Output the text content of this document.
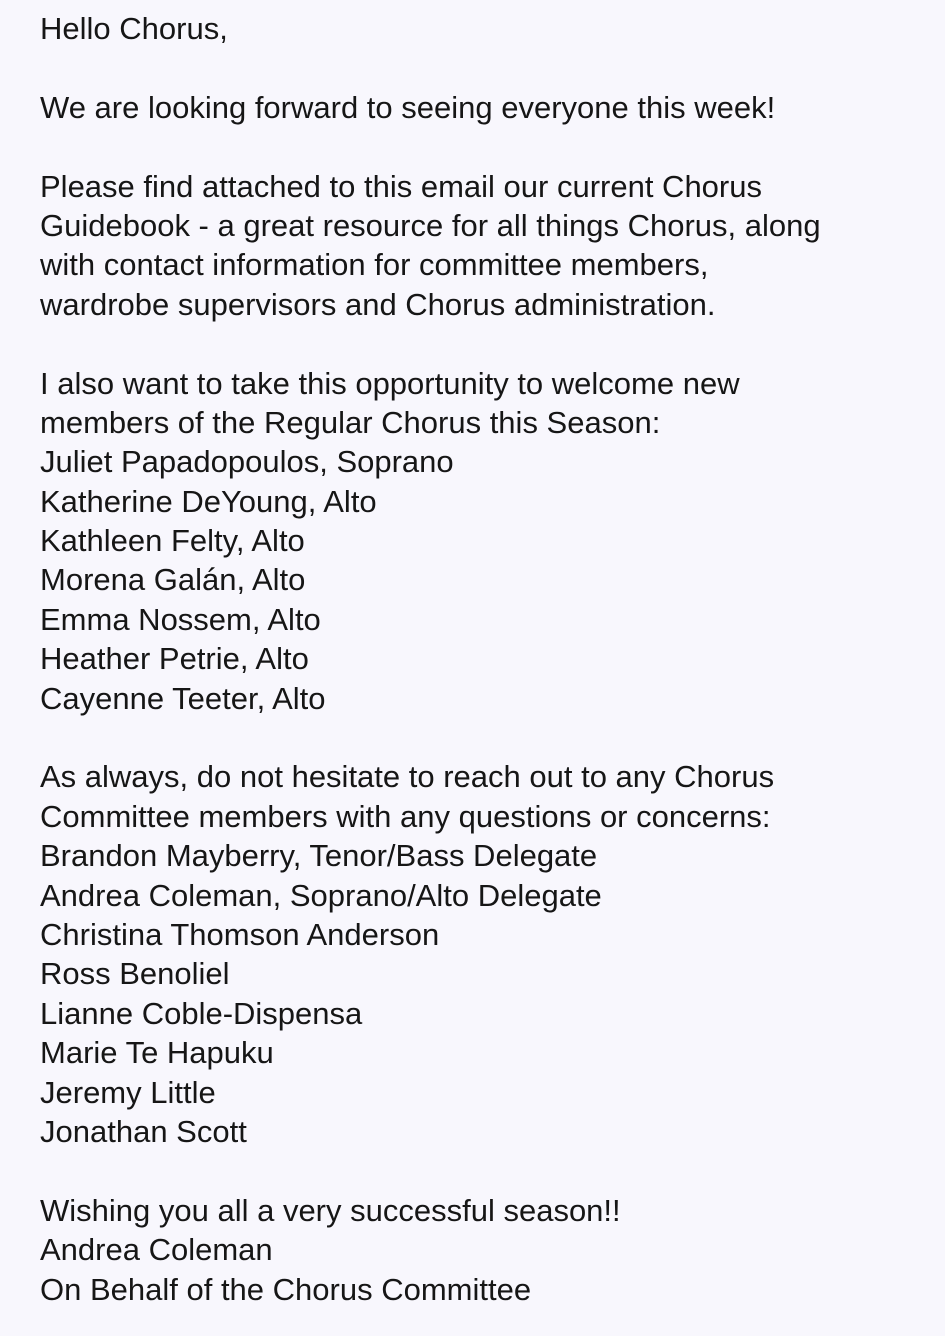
Hello Chorus,
We are looking forward to seeing everyone this week!
Please find attached to this email our current Chorus
Guidebook - a great resource for all things Chorus, along
with contact information for committee members,
wardrobe supervisors and Chorus administration.
I also want to take this opportunity to welcome new
members of the Regular Chorus this Season:
Juliet Papadopoulos, Soprano
Katherine DeYoung, Alto
Kathleen Felty, Alto
Morena Galán, Alto
Emma Nossem, Alto
Heather Petrie, Alto
Cayenne Teeter, Alto
As always, do not hesitate to reach out to any Chorus
Committee members with any questions or concerns:
Brandon Mayberry, Tenor/Bass Delegate
Andrea Coleman, Soprano/Alto Delegate
Christina Thomson Anderson
Ross Benoliel
Lianne Coble-Dispensa
Marie Te Hapuku
Jeremy Little
Jonathan Scott
Wishing you all a very successful season!!
Andrea Coleman
On Behalf of the Chorus Committee
